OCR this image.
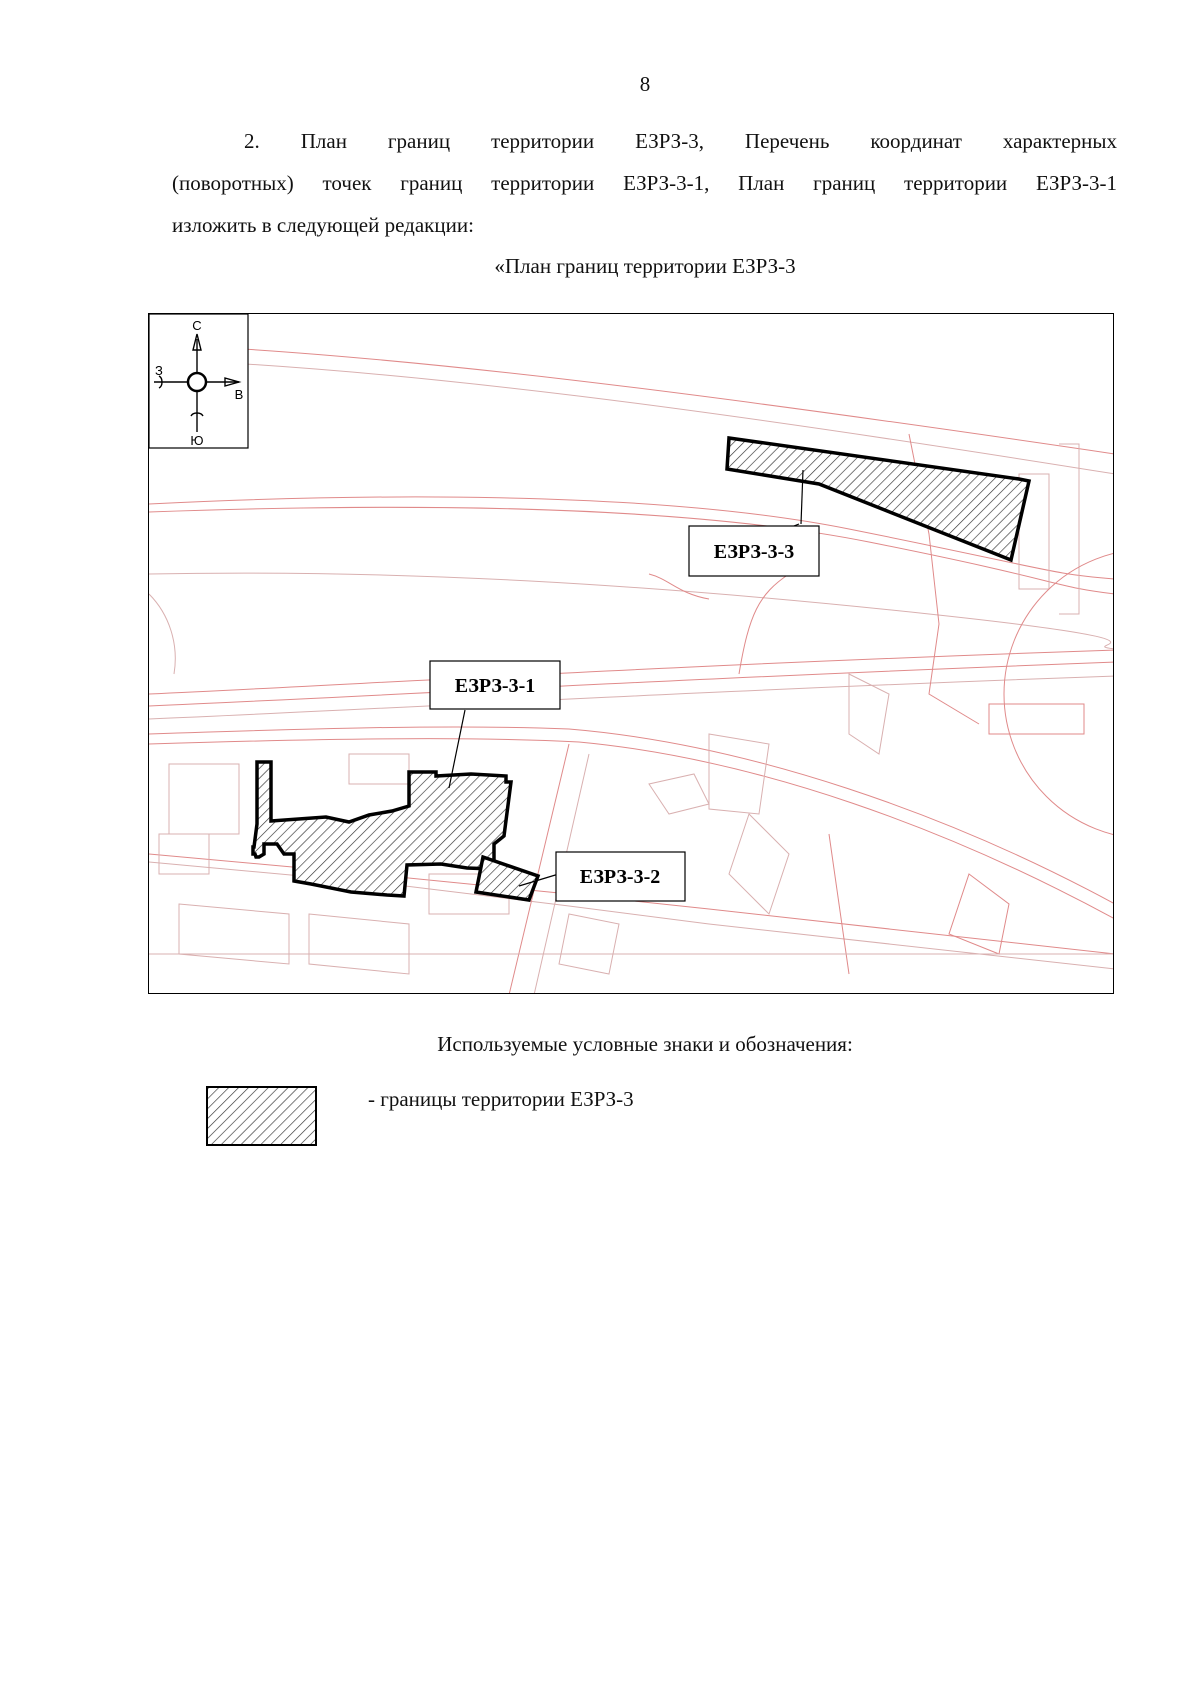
8
2. План границ территории ЕЗРЗ-3, Перечень координат характерных
(поворотных) точек границ территории ЕЗРЗ-3-1, План границ территории ЕЗРЗ-3-1
изложить в следующей редакции:
«План границ территории ЕЗРЗ-3
ЕЗРЗ-3-3
ЕЗРЗ-3-1
ЕЗРЗ-3-2
С
Ю
В
З
Используемые условные знаки и обозначения:
- границы территории ЕЗРЗ-3
